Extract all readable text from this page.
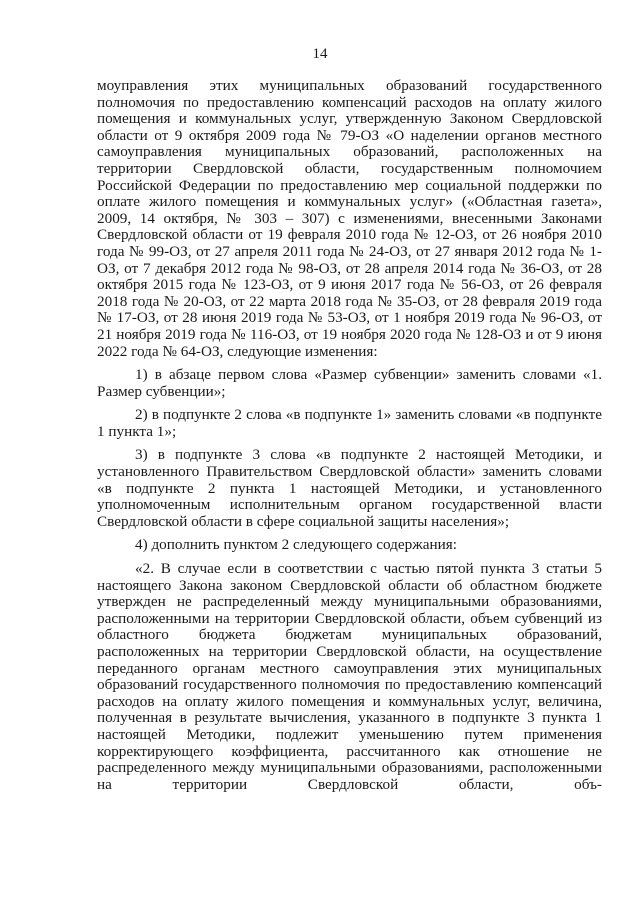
14

моуправления этих муниципальных образований государственного полномочия по предоставлению компенсаций расходов на оплату жилого помещения и коммунальных услуг, утвержденную Законом Свердловской области от 9 октября 2009 года № 79-ОЗ «О наделении органов местного самоуправления муниципальных образований, расположенных на территории Свердловской области, государственным полномочием Российской Федерации по предоставлению мер социальной поддержки по оплате жилого помещения и коммунальных услуг» («Областная газета», 2009, 14 октября, № 303 – 307) с изменениями, внесенными Законами Свердловской области от 19 февраля 2010 года № 12-ОЗ, от 26 ноября 2010 года № 99-ОЗ, от 27 апреля 2011 года № 24-ОЗ, от 27 января 2012 года № 1-ОЗ, от 7 декабря 2012 года № 98-ОЗ, от 28 апреля 2014 года № 36-ОЗ, от 28 октября 2015 года № 123-ОЗ, от 9 июня 2017 года № 56-ОЗ, от 26 февраля 2018 года № 20-ОЗ, от 22 марта 2018 года № 35-ОЗ, от 28 февраля 2019 года № 17-ОЗ, от 28 июня 2019 года № 53-ОЗ, от 1 ноября 2019 года № 96-ОЗ, от 21 ноября 2019 года № 116-ОЗ, от 19 ноября 2020 года № 128-ОЗ и от 9 июня 2022 года № 64-ОЗ, следующие изменения:

1) в абзаце первом слова «Размер субвенции» заменить словами «1. Размер субвенции»;

2) в подпункте 2 слова «в подпункте 1» заменить словами «в подпункте 1 пункта 1»;

3) в подпункте 3 слова «в подпункте 2 настоящей Методики, и установленного Правительством Свердловской области» заменить словами «в подпункте 2 пункта 1 настоящей Методики, и установленного уполномоченным исполнительным органом государственной власти Свердловской области в сфере социальной защиты населения»;

4) дополнить пунктом 2 следующего содержания:

«2. В случае если в соответствии с частью пятой пункта 3 статьи 5 настоящего Закона законом Свердловской области об областном бюджете утвержден не распределенный между муниципальными образованиями, расположенными на территории Свердловской области, объем субвенций из областного бюджета бюджетам муниципальных образований, расположенных на территории Свердловской области, на осуществление переданного органам местного самоуправления этих муниципальных образований государственного полномочия по предоставлению компенсаций расходов на оплату жилого помещения и коммунальных услуг, величина, полученная в результате вычисления, указанного в подпункте 3 пункта 1 настоящей Методики, подлежит уменьшению путем применения корректирующего коэффициента, рассчитанного как отношение не распределенного между муниципальными образованиями, расположенными на территории Свердловской области, объ-
